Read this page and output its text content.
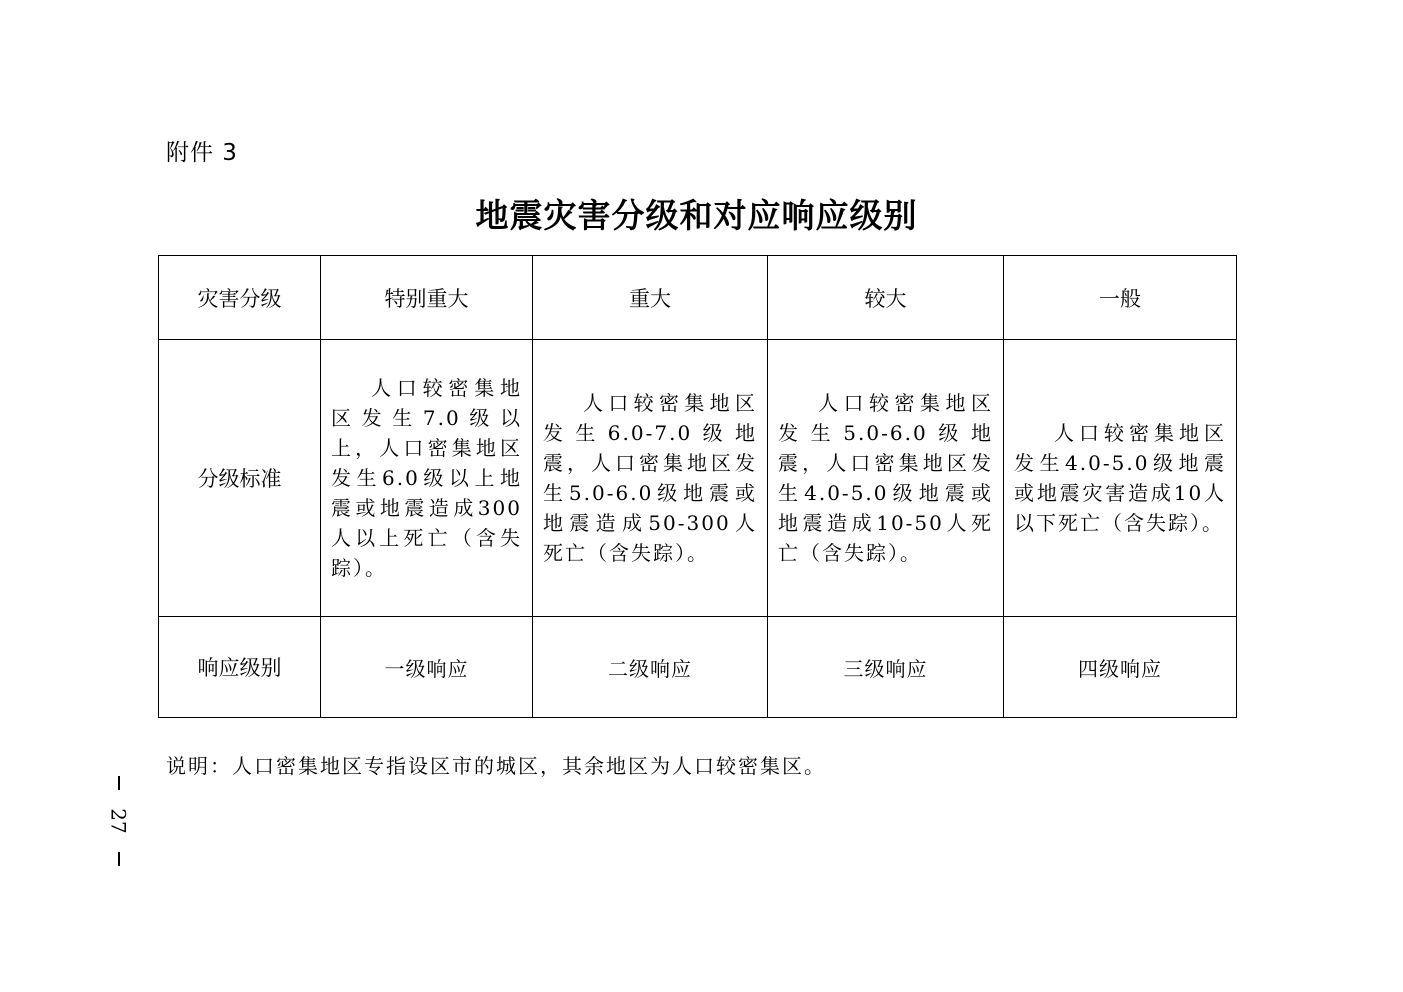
附件 3
地震灾害分级和对应响应级别
灾害分级	特别重大	重大	较大	一般
分级标准	人口较密集地区发生7.0级以上，人口密集地区发生6.0级以上地震或地震造成300人以上死亡（含失踪）。	人口较密集地区发生6.0-7.0级地震，人口密集地区发生5.0-6.0级地震或地震造成50-300人死亡（含失踪）。	人口较密集地区发生5.0-6.0级地震，人口密集地区发生4.0-5.0级地震或地震造成10-50人死亡（含失踪）。	人口较密集地区发生4.0-5.0级地震或地震灾害造成10人以下死亡（含失踪）。
响应级别	一级响应	二级响应	三级响应	四级响应
说明：人口密集地区专指设区市的城区，其余地区为人口较密集区。
27
